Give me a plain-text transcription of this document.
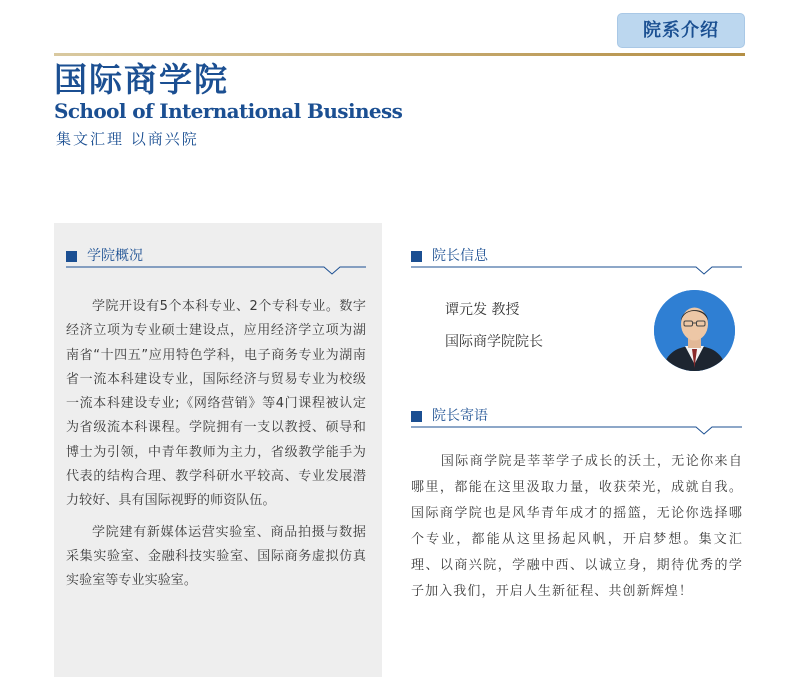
院系介绍
国际商学院
School of International Business
集文汇理 以商兴院
学院概况

学院开设有5个本科专业、2个专科专业。数字经济立项为专业硕士建设点，应用经济学立项为湖南省“十四五”应用特色学科，电子商务专业为湖南省一流本科建设专业，国际经济与贸易专业为校级一流本科建设专业;《网络营销》等4门课程被认定为省级流本科课程。学院拥有一支以教授、硕导和博士为引领，中青年教师为主力，省级教学能手为代表的结构合理、教学科研水平较高、专业发展潜力较好、具有国际视野的师资队伍。

学院建有新媒体运营实验室、商品拍摄与数据采集实验室、金融科技实验室、国际商务虚拟仿真实验室等专业实验室。

院长信息
谭元发 教授
国际商学院院长
院长寄语

国际商学院是莘莘学子成长的沃土，无论你来自哪里，都能在这里汲取力量，收获荣光，成就自我。国际商学院也是风华青年成才的摇篮，无论你选择哪个专业，都能从这里扬起风帆，开启梦想。集文汇理、以商兴院，学融中西、以诚立身，期待优秀的学子加入我们，开启人生新征程、共创新辉煌！
